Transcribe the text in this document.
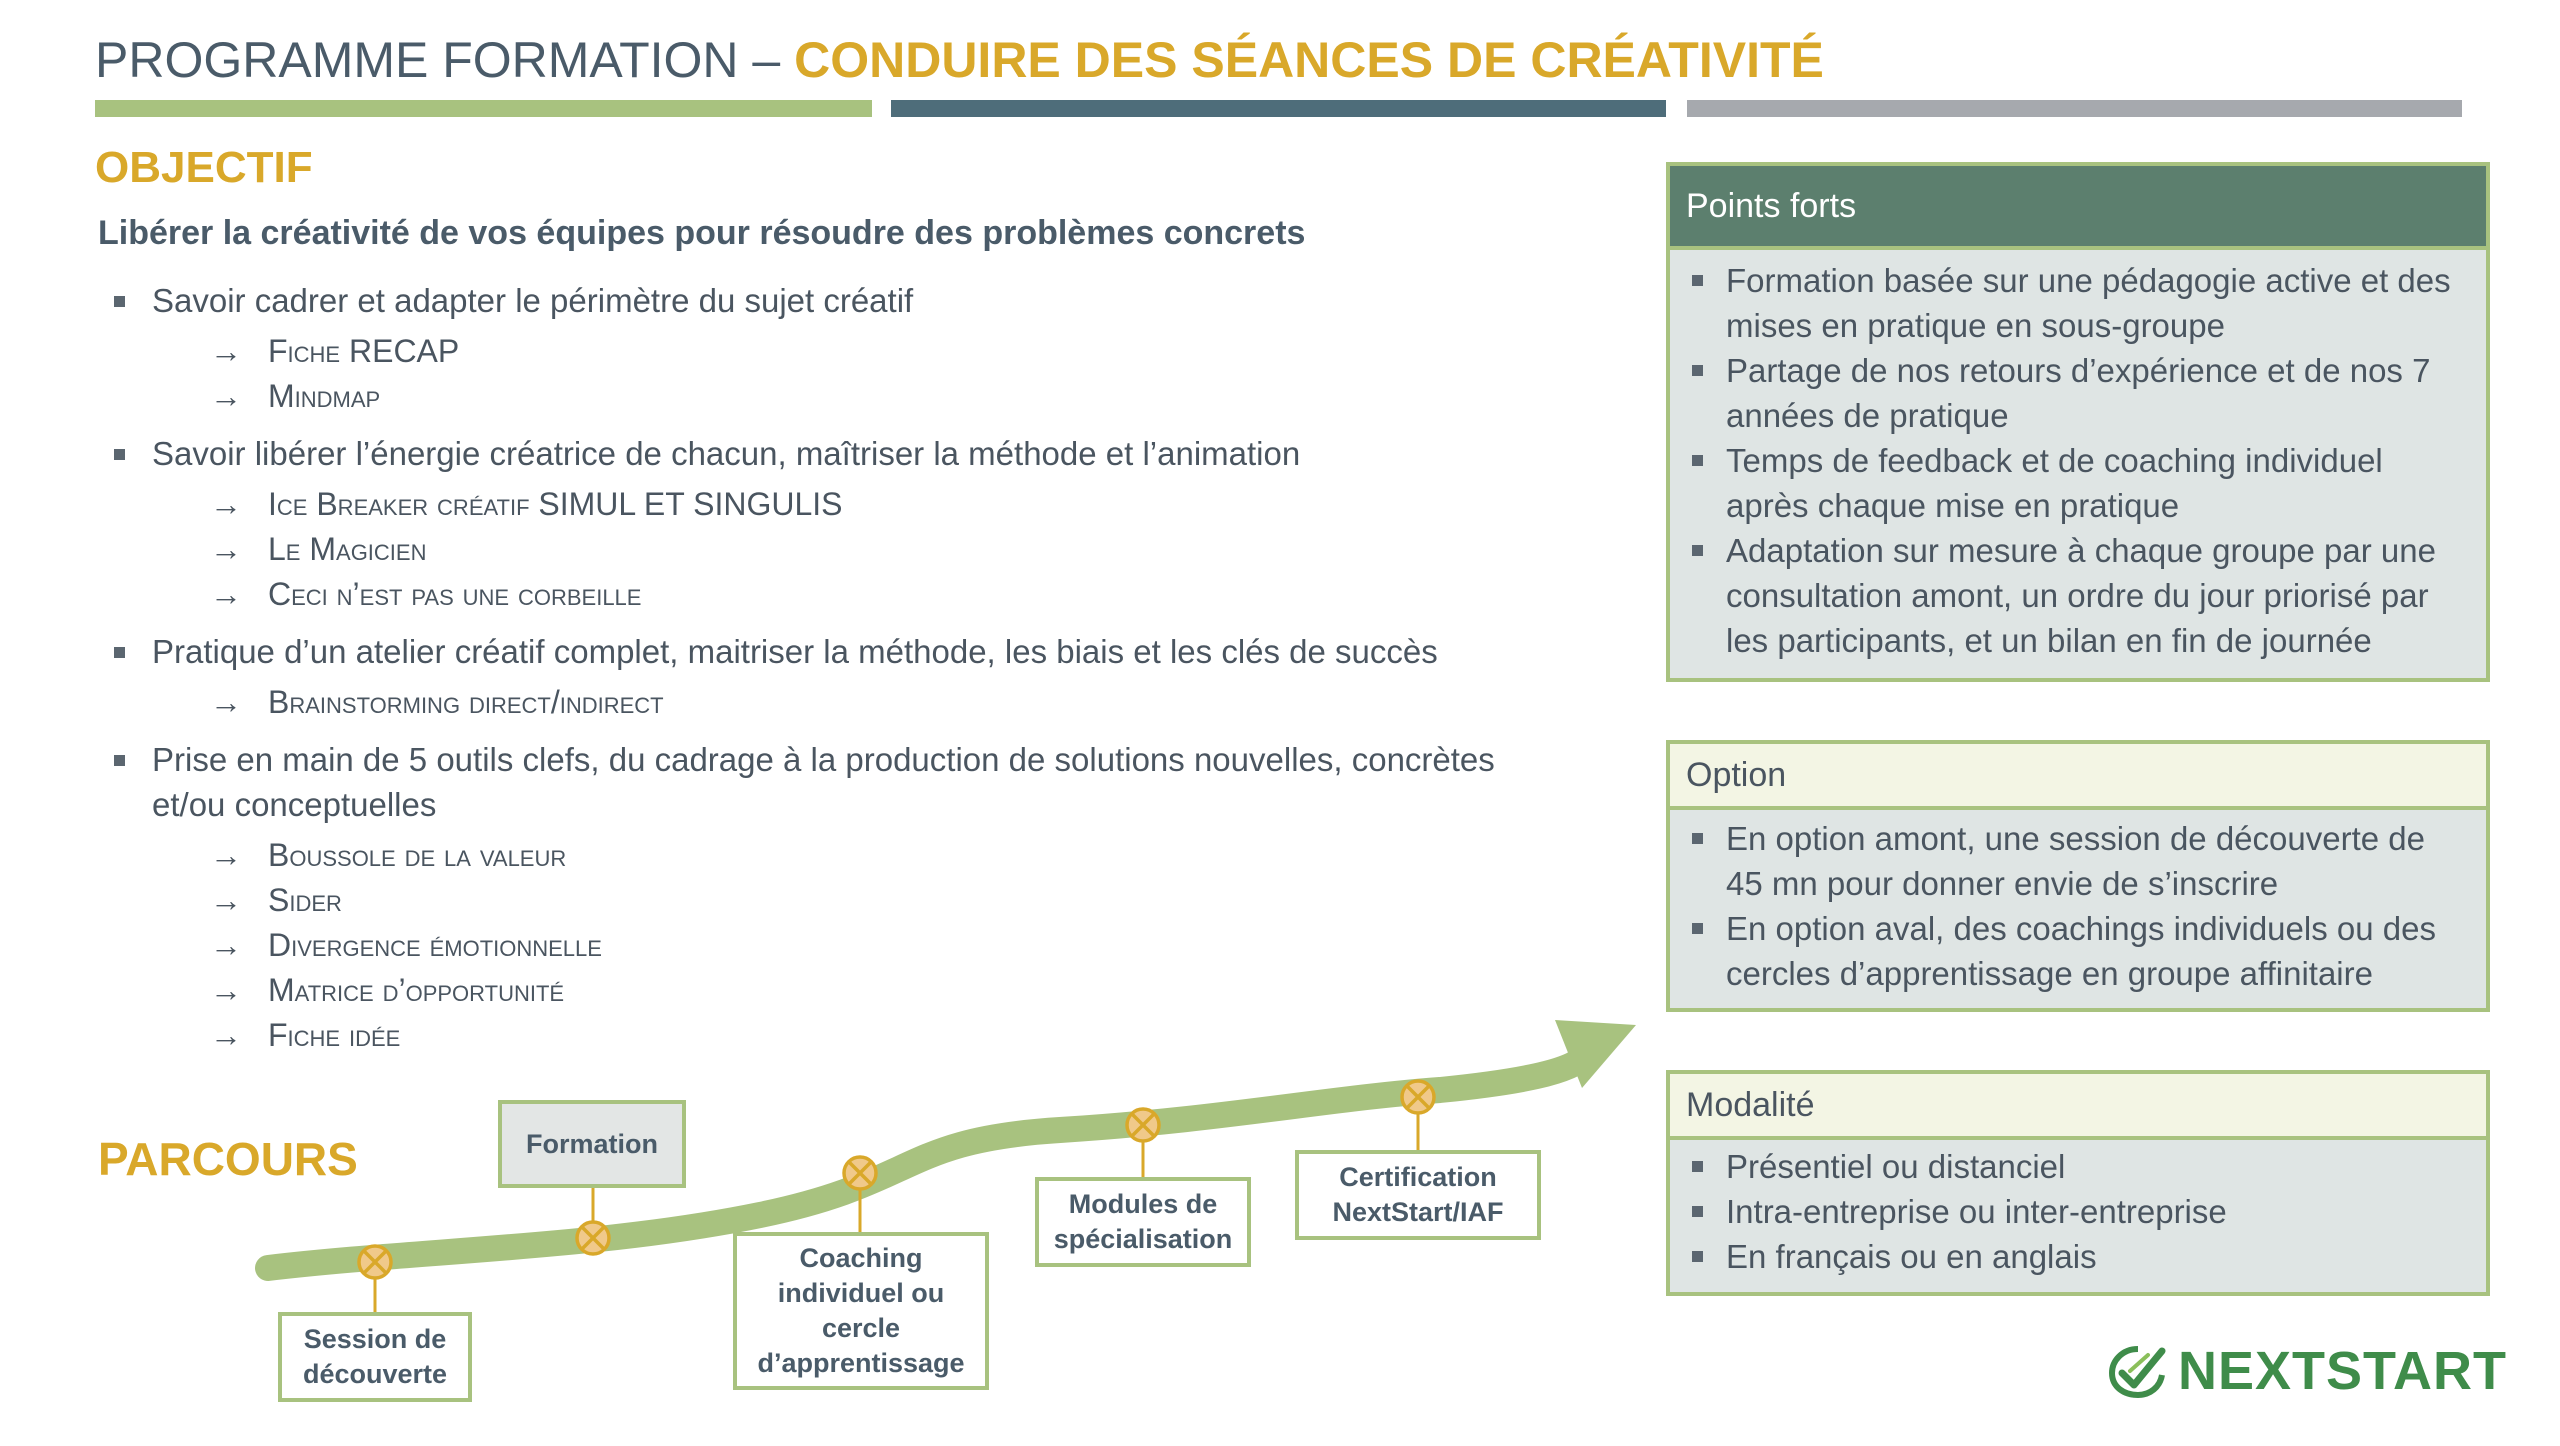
PROGRAMME FORMATION – CONDUIRE DES SÉANCES DE CRÉATIVITÉ
OBJECTIF
Libérer la créativité de vos équipes pour résoudre des problèmes concrets
Savoir cadrer et adapter le périmètre du sujet créatif
→ Fiche RECAP
→ Mindmap
Savoir libérer l’énergie créatrice de chacun, maîtriser la méthode et l’animation
→ Ice Breaker créatif SIMUL ET SINGULIS
→ Le Magicien
→ Ceci n’est pas une corbeille
Pratique d’un atelier créatif complet, maitriser la méthode, les biais et les clés de succès
→ Brainstorming direct/indirect
Prise en main de 5 outils clefs, du cadrage à la production de solutions nouvelles, concrètes et/ou conceptuelles
→ Boussole de la valeur
→ Sider
→ Divergence émotionnelle
→ Matrice d’opportunité
→ Fiche idée
PARCOURS
Session de découverte
Formation
Coaching individuel ou cercle d’apprentissage
Modules de spécialisation
Certification NextStart/IAF
Points forts
Formation basée sur une pédagogie active et des mises en pratique en sous-groupe
Partage de nos retours d’expérience et de nos 7 années de pratique
Temps de feedback et de coaching individuel après chaque mise en pratique
Adaptation sur mesure à chaque groupe par une consultation amont, un ordre du jour priorisé par les participants, et un bilan en fin de journée
Option
En option amont, une session de découverte de 45 mn pour donner envie de s’inscrire
En option aval, des coachings individuels ou des cercles d’apprentissage en groupe affinitaire
Modalité
Présentiel ou distanciel
Intra-entreprise ou inter-entreprise
En français ou en anglais
NEXTSTART
